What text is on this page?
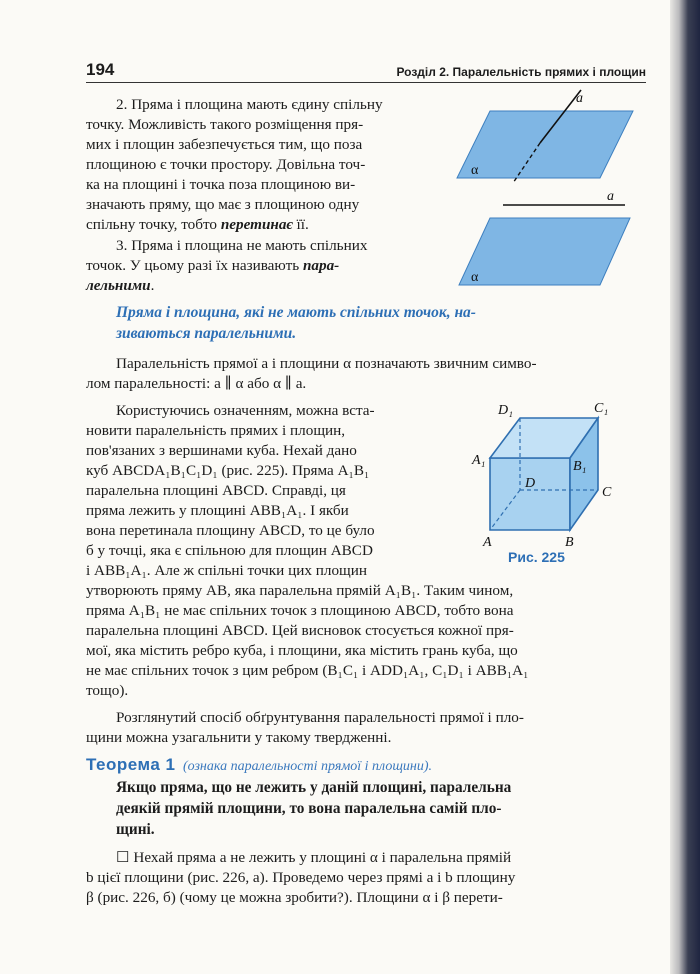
194	Розділ 2. Паралельність прямих і площин
2. Пряма і площина мають єдину спільну
точку. Можливість такого розміщення пря-
мих і площин забезпечується тим, що поза
площиною є точки простору. Довільна точ-
ка на площині і точка поза площиною ви-
значають пряму, що має з площиною одну
спільну точку, тобто перетинає її.
3. Пряма і площина не мають спільних
точок. У цьому разі їх називають пара-
лельними.
a
α
a
α
Пряма і площина, які не мають спільних точок, на-
зиваються паралельними.
Паралельність прямої a і площини α позначають звичним симво-
лом паралельності: a ∥ α або α ∥ a.
Користуючись означенням, можна вста-
новити паралельність прямих і площин,
пов'язаних з вершинами куба. Нехай дано
куб ABCDA₁B₁C₁D₁ (рис. 225). Пряма A₁B₁
паралельна площині ABCD. Справді, ця
пряма лежить у площині ABB₁A₁. І якби
вона перетинала площину ABCD, то це було
б у точці, яка є спільною для площин ABCD
і ABB₁A₁. Але ж спільні точки цих площин
утворюють пряму AB, яка паралельна прямій A₁B₁. Таким чином,
пряма A₁B₁ не має спільних точок з площиною ABCD, тобто вона
паралельна площині ABCD. Цей висновок стосується кожної пря-
мої, яка містить ребро куба, і площини, яка містить грань куба, що
не має спільних точок з цим ребром (B₁C₁ і ADD₁A₁, C₁D₁ і ABB₁A₁
тощо).
A	B
C
D
A₁	B₁
C₁
D₁
Рис. 225
Розглянутий спосіб обґрунтування паралельності прямої і пло-
щини можна узагальнити у такому твердженні.
Теорема 1 (ознака паралельності прямої і площини).
Якщо пряма, що не лежить у даній площині, паралельна
деякій прямій площини, то вона паралельна самій пло-
щині.
☐ Нехай пряма a не лежить у площині α і паралельна прямій
b цієї площини (рис. 226, а). Проведемо через прямі a і b площину
β (рис. 226, б) (чому це можна зробити?). Площини α і β перети-
